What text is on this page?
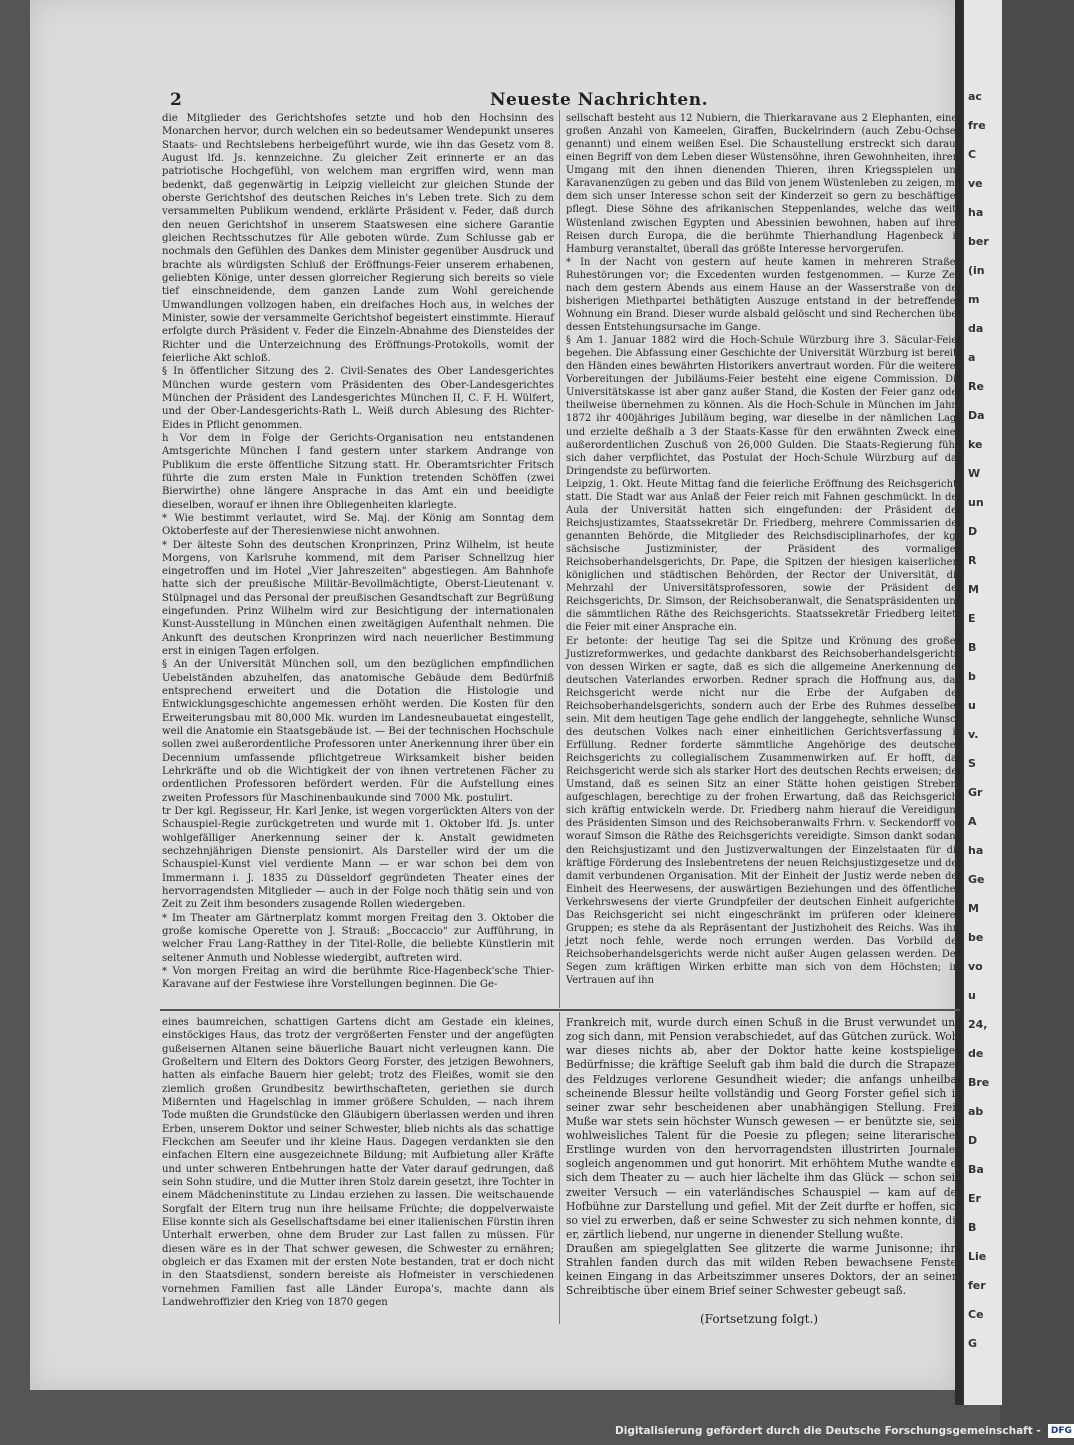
ac
fre
C
ve
ha
ber
(in
m
da
a
Re
Da
ke
W
un
D
R
M
E
B
b
u
v.
S
Gr
A
ha
Ge
M
be
vo
u
24,
de
Bre
ab
D
Ba
Er
B
Lie
fer
Ce
G
2	Neueste Nachrichten.

die Mitglieder des Gerichtshofes setzte und hob den Hochsinn des Monarchen hervor, durch welchen ein so bedeutsamer Wendepunkt unseres Staats- und Rechtslebens herbeigeführt wurde, wie ihn das Gesetz vom 8. August lfd. Js. kennzeichne. Zu gleicher Zeit erinnerte er an das patriotische Hochgefühl, von welchem man ergriffen wird, wenn man bedenkt, daß gegenwärtig in Leipzig vielleicht zur gleichen Stunde der oberste Gerichtshof des deutschen Reiches in's Leben trete. Sich zu dem versammelten Publikum wendend, erklärte Präsident v. Feder, daß durch den neuen Gerichtshof in unserem Staatswesen eine sichere Garantie gleichen Rechtsschutzes für Alle geboten würde. Zum Schlusse gab er nochmals den Gefühlen des Dankes dem Minister gegenüber Ausdruck und brachte als würdigsten Schluß der Eröffnungs-Feier unserem erhabenen, geliebten Könige, unter dessen glorreicher Regierung sich bereits so viele tief einschneidende, dem ganzen Lande zum Wohl gereichende Umwandlungen vollzogen haben, ein dreifaches Hoch aus, in welches der Minister, sowie der versammelte Gerichtshof begeistert einstimmte. Hierauf erfolgte durch Präsident v. Feder die Einzeln-Abnahme des Diensteides der Richter und die Unterzeichnung des Eröffnungs-Protokolls, womit der feierliche Akt schloß.

§ In öffentlicher Sitzung des 2. Civil-Senates des Ober Landesgerichtes München wurde gestern vom Präsidenten des Ober-Landesgerichtes München der Präsident des Landesgerichtes München II, C. F. H. Wülfert, und der Ober-Landesgerichts-Rath L. Weiß durch Ablesung des Richter-Eides in Pflicht genommen.

h Vor dem in Folge der Gerichts-Organisation neu entstandenen Amtsgerichte München I fand gestern unter starkem Andrange von Publikum die erste öffentliche Sitzung statt. Hr. Oberamtsrichter Fritsch führte die zum ersten Male in Funktion tretenden Schöffen (zwei Bierwirthe) ohne längere Ansprache in das Amt ein und beeidigte dieselben, worauf er ihnen ihre Obliegenheiten klarlegte.

* Wie bestimmt verlautet, wird Se. Maj. der König am Sonntag dem Oktoberfeste auf der Theresienwiese nicht anwohnen.

* Der älteste Sohn des deutschen Kronprinzen, Prinz Wilhelm, ist heute Morgens, von Karlsruhe kommend, mit dem Pariser Schnellzug hier eingetroffen und im Hotel „Vier Jahreszeiten" abgestiegen. Am Bahnhofe hatte sich der preußische Militär-Bevollmächtigte, Oberst-Lieutenant v. Stülpnagel und das Personal der preußischen Gesandtschaft zur Begrüßung eingefunden. Prinz Wilhelm wird zur Besichtigung der internationalen Kunst-Ausstellung in München einen zweitägigen Aufenthalt nehmen. Die Ankunft des deutschen Kronprinzen wird nach neuerlicher Bestimmung erst in einigen Tagen erfolgen.

§ An der Universität München soll, um den bezüglichen empfindlichen Uebelständen abzuhelfen, das anatomische Gebäude dem Bedürfniß entsprechend erweitert und die Dotation die Histologie und Entwicklungsgeschichte angemessen erhöht werden. Die Kosten für den Erweiterungsbau mit 80,000 Mk. wurden im Landesneubauetat eingestellt, weil die Anatomie ein Staatsgebäude ist. — Bei der technischen Hochschule sollen zwei außerordentliche Professoren unter Anerkennung ihrer über ein Decennium umfassende pflichtgetreue Wirksamkeit bisher beiden Lehrkräfte und ob die Wichtigkeit der von ihnen vertretenen Fächer zu ordentlichen Professoren befördert werden. Für die Aufstellung eines zweiten Professors für Maschinenbaukunde sind 7000 Mk. postulirt.

tr Der kgl. Regisseur, Hr. Karl Jenke, ist wegen vorgerückten Alters von der Schauspiel-Regie zurückgetreten und wurde mit 1. Oktober lfd. Js. unter wohlgefälliger Anerkennung seiner der k. Anstalt gewidmeten sechzehnjährigen Dienste pensionirt. Als Darsteller wird der um die Schauspiel-Kunst viel verdiente Mann — er war schon bei dem von Immermann i. J. 1835 zu Düsseldorf gegründeten Theater eines der hervorragendsten Mitglieder — auch in der Folge noch thätig sein und von Zeit zu Zeit ihm besonders zusagende Rollen wiedergeben.

* Im Theater am Gärtnerplatz kommt morgen Freitag den 3. Oktober die große komische Operette von J. Strauß: „Boccaccio" zur Aufführung, in welcher Frau Lang-Ratthey in der Titel-Rolle, die beliebte Künstlerin mit seltener Anmuth und Noblesse wiedergibt, auftreten wird.

* Von morgen Freitag an wird die berühmte Rice-Hagenbeck'sche Thier-Karavane auf der Festwiese ihre Vorstellungen beginnen. Die Ge-

sellschaft besteht aus 12 Nubiern, die Thierkaravane aus 2 Elephanten, einer großen Anzahl von Kameelen, Giraffen, Buckelrindern (auch Zebu-Ochsen genannt) und einem weißen Esel. Die Schaustellung erstreckt sich darauf, einen Begriff von dem Leben dieser Wüstensöhne, ihren Gewohnheiten, ihrem Umgang mit den ihnen dienenden Thieren, ihren Kriegsspielen und Karavanenzügen zu geben und das Bild von jenem Wüstenleben zu zeigen, mit dem sich unser Interesse schon seit der Kinderzeit so gern zu beschäftigen pflegt. Diese Söhne des afrikanischen Steppenlandes, welche das weite Wüstenland zwischen Egypten und Abessinien bewohnen, haben auf ihren Reisen durch Europa, die die berühmte Thierhandlung Hagenbeck in Hamburg veranstaltet, überall das größte Interesse hervorgerufen.

* In der Nacht von gestern auf heute kamen in mehreren Straßen Ruhestörungen vor; die Excedenten wurden festgenommen. — Kurze Zeit nach dem gestern Abends aus einem Hause an der Wasserstraße von der bisherigen Miethpartei bethätigten Auszuge entstand in der betreffenden Wohnung ein Brand. Dieser wurde alsbald gelöscht und sind Recherchen über dessen Entstehungsursache im Gange.

§ Am 1. Januar 1882 wird die Hoch-Schule Würzburg ihre 3. Säcular-Feier begehen. Die Abfassung einer Geschichte der Universität Würzburg ist bereits den Händen eines bewährten Historikers anvertraut worden. Für die weiteren Vorbereitungen der Jubiläums-Feier besteht eine eigene Commission. Die Universitätskasse ist aber ganz außer Stand, die Kosten der Feier ganz oder theilweise übernehmen zu können. Als die Hoch-Schule in München im Jahre 1872 ihr 400jähriges Jubiläum beging, war dieselbe in der nämlichen Lage und erzielte deßhalb a 3 der Staats-Kasse für den erwähnten Zweck einen außerordentlichen Zuschuß von 26,000 Gulden. Die Staats-Regierung fühlt sich daher verpflichtet, das Postulat der Hoch-Schule Würzburg auf das Dringendste zu befürworten.

Leipzig, 1. Okt. Heute Mittag fand die feierliche Eröffnung des Reichsgerichts statt. Die Stadt war aus Anlaß der Feier reich mit Fahnen geschmückt. In der Aula der Universität hatten sich eingefunden: der Präsident des Reichsjustizamtes, Staatssekretär Dr. Friedberg, mehrere Commissarien der genannten Behörde, die Mitglieder des Reichsdisciplinarhofes, der kgl. sächsische Justizminister, der Präsident des vormaligen Reichsoberhandelsgerichts, Dr. Pape, die Spitzen der hiesigen kaiserlichen, königlichen und städtischen Behörden, der Rector der Universität, die Mehrzahl der Universitätsprofessoren, sowie der Präsident des Reichsgerichts, Dr. Simson, der Reichsoberanwalt, die Senatspräsidenten und die sämmtlichen Räthe des Reichsgerichts. Staatssekretär Friedberg leitete die Feier mit einer Ansprache ein.

Er betonte: der heutige Tag sei die Spitze und Krönung des großen Justizreformwerkes, und gedachte dankbarst des Reichsoberhandelsgerichts, von dessen Wirken er sagte, daß es sich die allgemeine Anerkennung des deutschen Vaterlandes erworben. Redner sprach die Hoffnung aus, daß Reichsgericht werde nicht nur die Erbe der Aufgaben des Reichsoberhandelsgerichts, sondern auch der Erbe des Ruhmes desselben sein. Mit dem heutigen Tage gehe endlich der langgehegte, sehnliche Wunsch des deutschen Volkes nach einer einheitlichen Gerichtsverfassung in Erfüllung. Redner forderte sämmtliche Angehörige des deutschen Reichsgerichts zu collegialischem Zusammenwirken auf. Er hofft, das Reichsgericht werde sich als starker Hort des deutschen Rechts erweisen; der Umstand, daß es seinen Sitz an einer Stätte hohen geistigen Strebens aufgeschlagen, berechtige zu der frohen Erwartung, daß das Reichsgericht sich kräftig entwickeln werde. Dr. Friedberg nahm hierauf die Vereidigung des Präsidenten Simson und des Reichsoberanwalts Frhrn. v. Seckendorff vor, worauf Simson die Räthe des Reichsgerichts vereidigte. Simson dankt sodann den Reichsjustizamt und den Justizverwaltungen der Einzelstaaten für die kräftige Förderung des Inslebentretens der neuen Reichsjustizgesetze und der damit verbundenen Organisation. Mit der Einheit der Justiz werde neben der Einheit des Heerwesens, der auswärtigen Beziehungen und des öffentlichen Verkehrswesens der vierte Grundpfeiler der deutschen Einheit aufgerichtet. Das Reichsgericht sei nicht eingeschränkt im prüferen oder kleineren Gruppen; es stehe da als Repräsentant der Justizhoheit des Reichs. Was ihm jetzt noch fehle, werde noch errungen werden. Das Vorbild des Reichsoberhandelsgerichts werde nicht außer Augen gelassen werden. Den Segen zum kräftigen Wirken erbitte man sich von dem Höchsten; im Vertrauen auf ihn

eines baumreichen, schattigen Gartens dicht am Gestade ein kleines, einstöckiges Haus, das trotz der vergrößerten Fenster und der angefügten gußeisernen Altanen seine bäuerliche Bauart nicht verleugnen kann. Die Großeltern und Eltern des Doktors Georg Forster, des jetzigen Bewohners, hatten als einfache Bauern hier gelebt; trotz des Fleißes, womit sie den ziemlich großen Grundbesitz bewirthschafteten, geriethen sie durch Mißernten und Hagelschlag in immer größere Schulden, — nach ihrem Tode mußten die Grundstücke den Gläubigern überlassen werden und ihren Erben, unserem Doktor und seiner Schwester, blieb nichts als das schattige Fleckchen am Seeufer und ihr kleine Haus. Dagegen verdankten sie den einfachen Eltern eine ausgezeichnete Bildung; mit Aufbietung aller Kräfte und unter schweren Entbehrungen hatte der Vater darauf gedrungen, daß sein Sohn studire, und die Mutter ihren Stolz darein gesetzt, ihre Tochter in einem Mädcheninstitute zu Lindau erziehen zu lassen. Die weitschauende Sorgfalt der Eltern trug nun ihre heilsame Früchte; die doppelverwaiste Elise konnte sich als Gesellschaftsdame bei einer italienischen Fürstin ihren Unterhalt erwerben, ohne dem Bruder zur Last fallen zu müssen. Für diesen wäre es in der That schwer gewesen, die Schwester zu ernähren; obgleich er das Examen mit der ersten Note bestanden, trat er doch nicht in den Staatsdienst, sondern bereiste als Hofmeister in verschiedenen vornehmen Familien fast alle Länder Europa's, machte dann als Landwehroffizier den Krieg von 1870 gegen

Frankreich mit, wurde durch einen Schuß in die Brust verwundet und zog sich dann, mit Pension verabschiedet, auf das Gütchen zurück. Wohl war dieses nichts ab, aber der Doktor hatte keine kostspieligen Bedürfnisse; die kräftige Seeluft gab ihm bald die durch die Strapazen des Feldzuges verlorene Gesundheit wieder; die anfangs unheilbar scheinende Blessur heilte vollständig und Georg Forster gefiel sich in seiner zwar sehr bescheidenen aber unabhängigen Stellung. Freie Muße war stets sein höchster Wunsch gewesen — er benützte sie, sein wohlweisliches Talent für die Poesie zu pflegen; seine literarischen Erstlinge wurden von den hervorragendsten illustrirten Journalen sogleich angenommen und gut honorirt. Mit erhöhtem Muthe wandte er sich dem Theater zu — auch hier lächelte ihm das Glück — schon sein zweiter Versuch — ein vaterländisches Schauspiel — kam auf der Hofbühne zur Darstellung und gefiel. Mit der Zeit durfte er hoffen, sich so viel zu erwerben, daß er seine Schwester zu sich nehmen konnte, die er, zärtlich liebend, nur ungerne in dienender Stellung wußte.

Draußen am spiegelglatten See glitzerte die warme Junisonne; ihre Strahlen fanden durch das mit wilden Reben bewachsene Fenster keinen Eingang in das Arbeitszimmer unseres Doktors, der an seinem Schreibtische über einem Brief seiner Schwester gebeugt saß.

(Fortsetzung folgt.)
Digitalisierung gefördert durch die Deutsche Forschungsgemeinschaft - DFG
